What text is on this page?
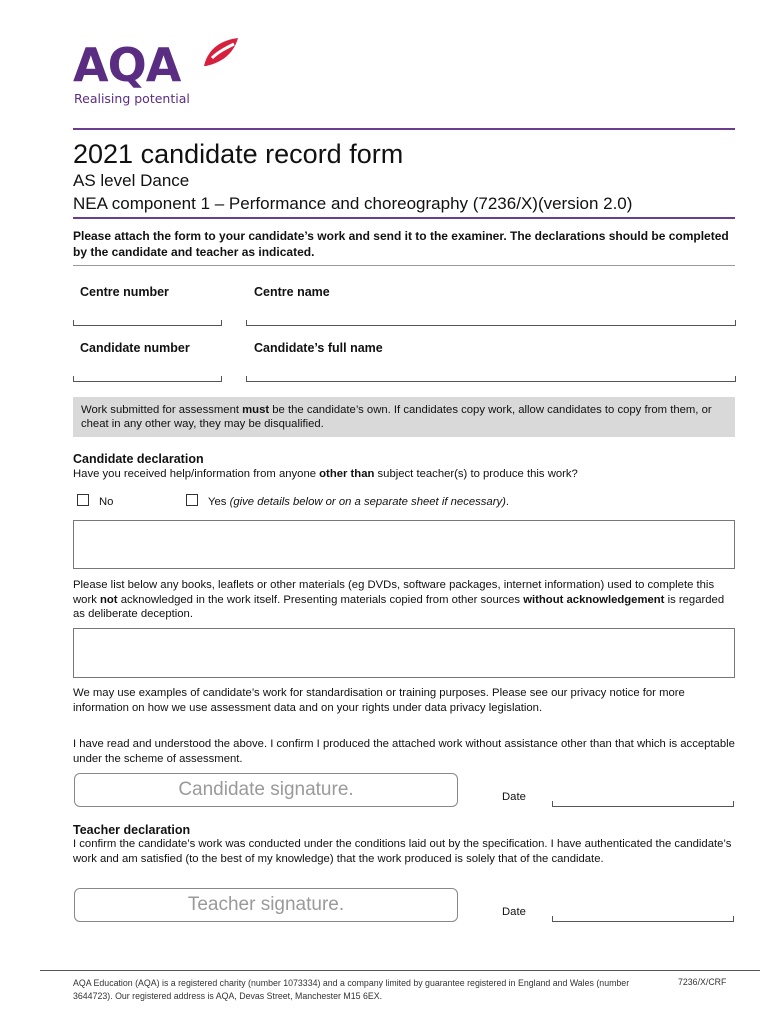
AQA
Realising potential
2021 candidate record form
AS level Dance
NEA component 1 – Performance and choreography (7236/X)(version 2.0)
Please attach the form to your candidate’s work and send it to the examiner. The declarations should be completed by the candidate and teacher as indicated.
Centre number	Centre name
Candidate number	Candidate’s full name
Work submitted for assessment must be the candidate’s own. If candidates copy work, allow candidates to copy from them, or cheat in any other way, they may be disqualified.
Candidate declaration
Have you received help/information from anyone other than subject teacher(s) to produce this work?
No	Yes (give details below or on a separate sheet if necessary).
Please list below any books, leaflets or other materials (eg DVDs, software packages, internet information) used to complete this work not acknowledged in the work itself. Presenting materials copied from other sources without acknowledgement is regarded as deliberate deception.
We may use examples of candidate’s work for standardisation or training purposes. Please see our privacy notice for more information on how we use assessment data and on your rights under data privacy legislation.
I have read and understood the above. I confirm I produced the attached work without assistance other than that which is acceptable under the scheme of assessment.
Candidate signature.	Date
Teacher declaration
I confirm the candidate’s work was conducted under the conditions laid out by the specification. I have authenticated the candidate’s work and am satisfied (to the best of my knowledge) that the work produced is solely that of the candidate.
Teacher signature.	Date
AQA Education (AQA) is a registered charity (number 1073334) and a company limited by guarantee registered in England and Wales (number 3644723). Our registered address is AQA, Devas Street, Manchester M15 6EX.
7236/X/CRF
